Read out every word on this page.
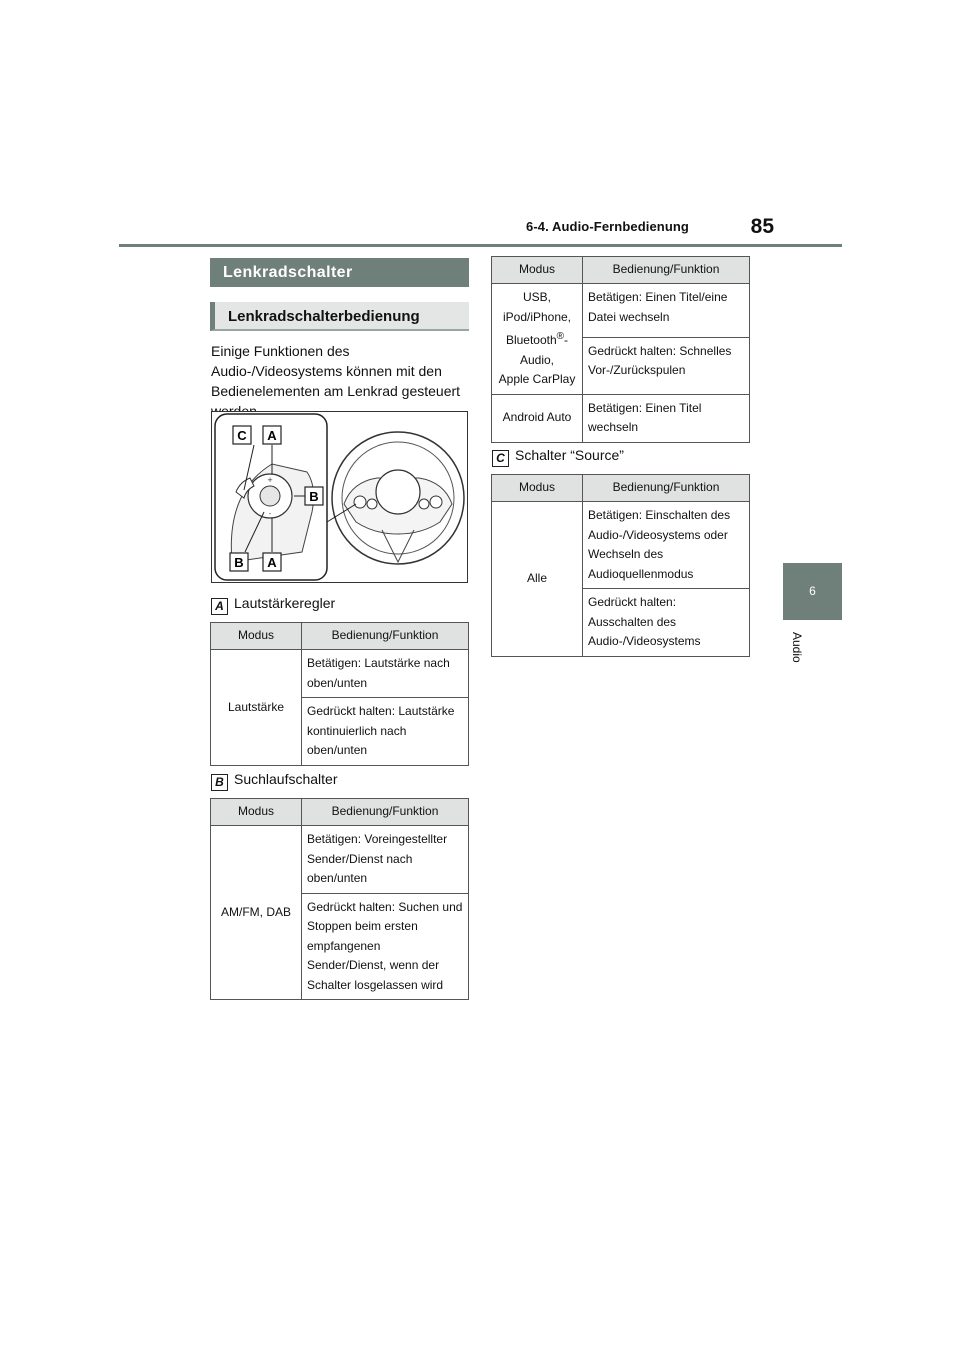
6-4. Audio-Fernbedienung	85
6
Audio
Lenkradschalter
Lenkradschalterbedienung
Einige Funktionen des Audio-/Videosystems können mit den Bedienelementen am Lenkrad gesteuert
+
-
C A
B
B A
A Lautstärkeregler
Modus	Bedienung/Funktion
Lautstärke	Betätigen: Lautstärke nach oben/unten
	Gedrückt halten: Lautstärke kontinuierlich nach oben/unten
B Suchlaufschalter
Modus	Bedienung/Funktion
AM/FM, DAB	Betätigen: Voreingestellter Sender/Dienst nach oben/unten
	Gedrückt halten: Suchen und Stoppen beim ersten empfangenen Sender/Dienst, wenn der Schalter losgelassen wird
Modus	Bedienung/Funktion

USB,
iPod/iPhone,
Bluetooth®-Audio,
Apple CarPlay	Betätigen: Einen Titel/eine Datei wechseln
	Gedrückt halten: Schnelles Vor-/Zurückspulen
Android Auto	Betätigen: Einen Titel wechseln
C Schalter “Source”
Modus	Bedienung/Funktion
Alle	Betätigen: Einschalten des Audio-/Videosystems oder Wechseln des Audioquellenmodus
	Gedrückt halten: Ausschalten des Audio-/Videosystems
